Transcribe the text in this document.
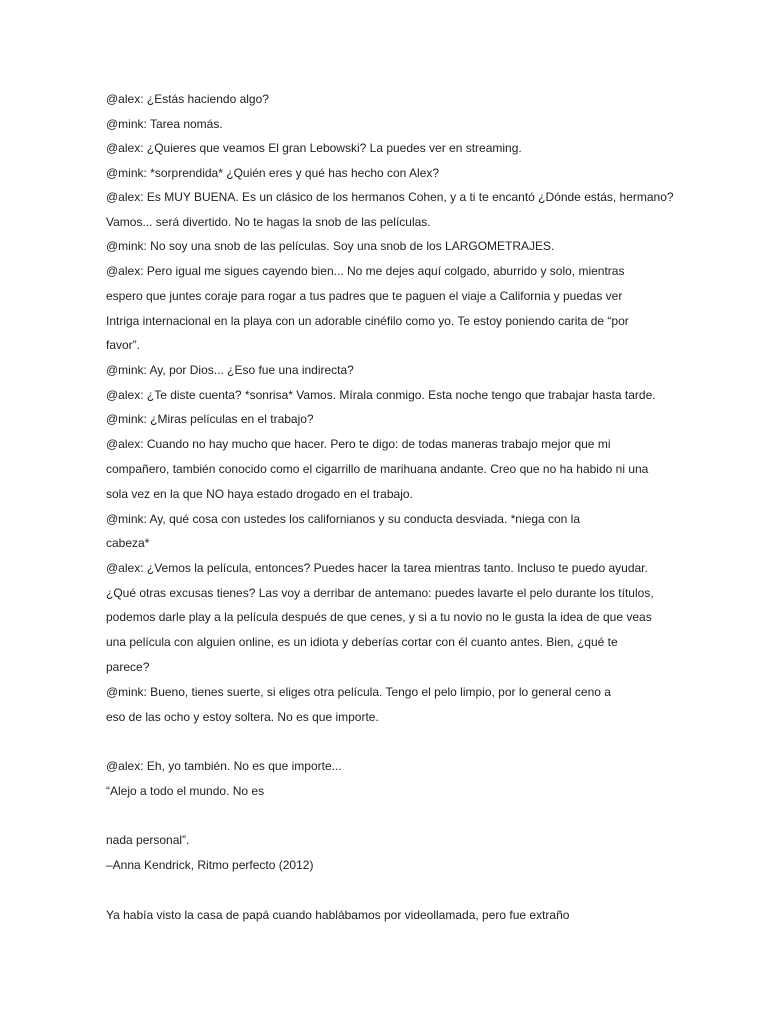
@alex: ¿Estás haciendo algo?

@mink: Tarea nomás.

@alex: ¿Quieres que veamos El gran Lebowski? La puedes ver en streaming.

@mink: *sorprendida* ¿Quién eres y qué has hecho con Alex?

@alex: Es MUY BUENA. Es un clásico de los hermanos Cohen, y a ti te encantó ¿Dónde estás, hermano?

Vamos... será divertido. No te hagas la snob de las películas.

@mink: No soy una snob de las películas. Soy una snob de los LARGOMETRAJES.

@alex: Pero igual me sigues cayendo bien... No me dejes aquí colgado, aburrido y solo, mientras

espero que juntes coraje para rogar a tus padres que te paguen el viaje a California y puedas ver

Intriga internacional en la playa con un adorable cinéfilo como yo. Te estoy poniendo carita de “por

favor”.

@mink: Ay, por Dios... ¿Eso fue una indirecta?

@alex: ¿Te diste cuenta? *sonrisa* Vamos. Mírala conmigo. Esta noche tengo que trabajar hasta tarde.

@mink: ¿Miras películas en el trabajo?

@alex: Cuando no hay mucho que hacer. Pero te digo: de todas maneras trabajo mejor que mi

compañero, también conocido como el cigarrillo de marihuana andante. Creo que no ha habido ni una

sola vez en la que NO haya estado drogado en el trabajo.

@mink: Ay, qué cosa con ustedes los californianos y su conducta desviada. *niega con la

cabeza*

@alex: ¿Vemos la película, entonces? Puedes hacer la tarea mientras tanto. Incluso te puedo ayudar.

¿Qué otras excusas tienes? Las voy a derribar de antemano: puedes lavarte el pelo durante los títulos,

podemos darle play a la película después de que cenes, y si a tu novio no le gusta la idea de que veas

una película con alguien online, es un idiota y deberías cortar con él cuanto antes. Bien, ¿qué te

parece?

@mink: Bueno, tienes suerte, si eliges otra película. Tengo el pelo limpio, por lo general ceno a

eso de las ocho y estoy soltera. No es que importe.

@alex: Eh, yo también. No es que importe...

“Alejo a todo el mundo. No es

nada personal”.

–Anna Kendrick, Ritmo perfecto (2012)

Ya había visto la casa de papá cuando hablábamos por videollamada, pero fue extraño
